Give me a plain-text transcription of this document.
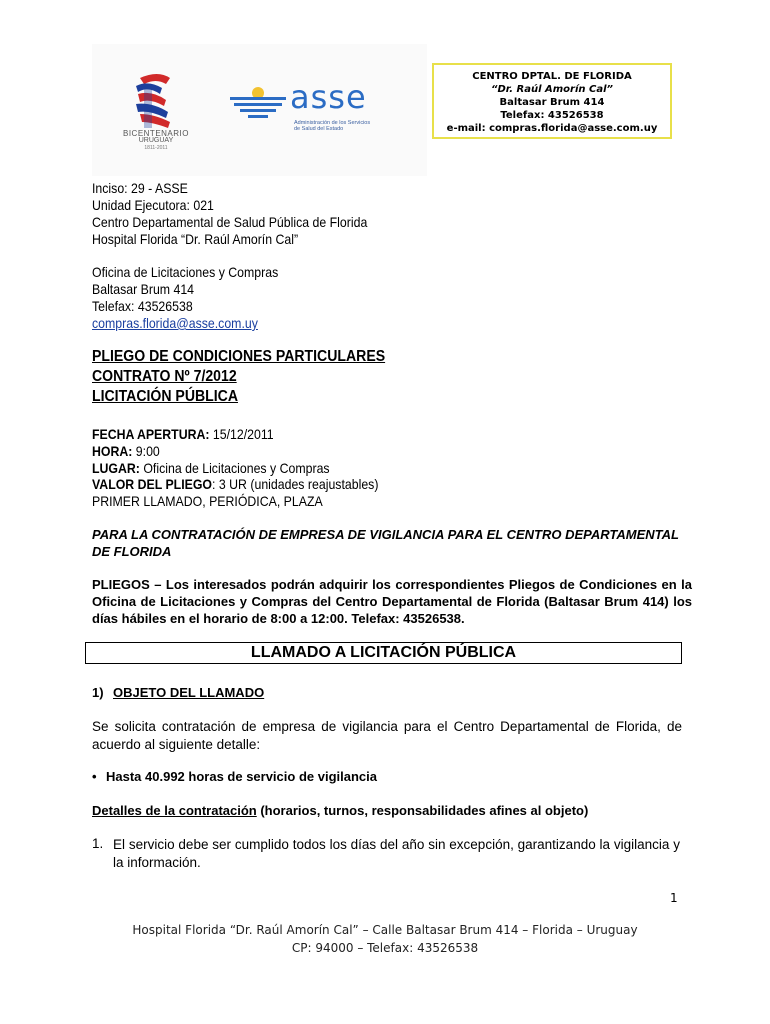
BICENTENARIO
URUGUAY
1811-2011
asse
Administración de los Servicios
de Salud del Estado
CENTRO DPTAL. DE FLORIDA
“Dr. Raúl Amorín Cal”
Baltasar Brum 414
Telefax: 43526538
e-mail: compras.florida@asse.com.uy
Inciso: 29 - ASSE
Unidad Ejecutora: 021
Centro Departamental de Salud Pública de Florida
Hospital Florida “Dr. Raúl Amorín Cal”
Oficina de Licitaciones y Compras
Baltasar Brum 414
Telefax: 43526538
compras.florida@asse.com.uy
PLIEGO DE CONDICIONES PARTICULARES
CONTRATO Nº 7/2012
LICITACIÓN PÚBLICA
FECHA APERTURA: 15/12/2011
HORA: 9:00
LUGAR: Oficina de Licitaciones y Compras
VALOR DEL PLIEGO: 3 UR (unidades reajustables)
PRIMER LLAMADO, PERIÓDICA, PLAZA
PARA LA CONTRATACIÓN DE EMPRESA DE VIGILANCIA PARA EL CENTRO DEPARTAMENTAL DE FLORIDA
PLIEGOS – Los interesados podrán adquirir los correspondientes Pliegos de Condiciones en la Oficina de Licitaciones y Compras del Centro Departamental de Florida (Baltasar Brum 414) los días hábiles en el horario de 8:00 a 12:00. Telefax: 43526538.
LLAMADO A LICITACIÓN PÚBLICA
1) OBJETO DEL LLAMADO
Se solicita contratación de empresa de vigilancia para el Centro Departamental de Florida, de acuerdo al siguiente detalle:
• Hasta 40.992 horas de servicio de vigilancia
Detalles de la contratación (horarios, turnos, responsabilidades afines al objeto)
1. El servicio debe ser cumplido todos los días del año sin excepción, garantizando la vigilancia y la información.
1
Hospital Florida “Dr. Raúl Amorín Cal” – Calle Baltasar Brum 414 – Florida – Uruguay
CP: 94000 – Telefax: 43526538
